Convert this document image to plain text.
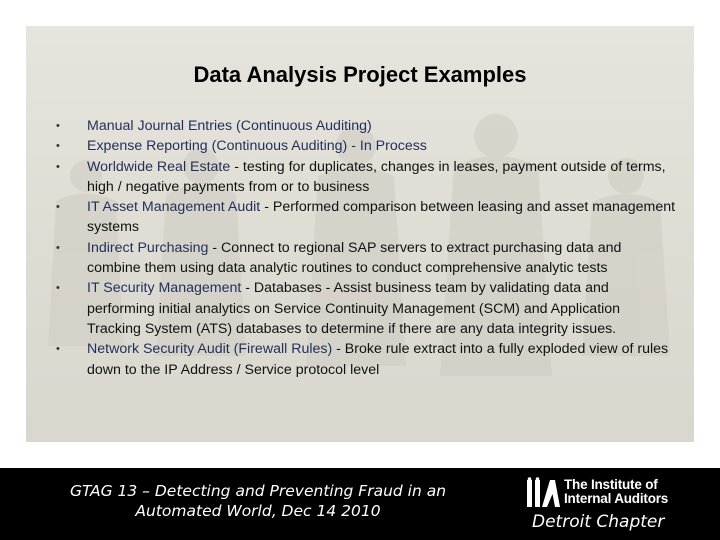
Data Analysis Project Examples
• Manual Journal Entries (Continuous Auditing)
• Expense Reporting (Continuous Auditing) - In Process
• Worldwide Real Estate - testing for duplicates, changes in leases, payment outside of terms, high / negative payments from or to business
• IT Asset Management Audit - Performed comparison between leasing and asset management systems
• Indirect Purchasing - Connect to regional SAP servers to extract purchasing data and combine them using data analytic routines to conduct comprehensive analytic tests
• IT Security Management - Databases - Assist business team by validating data and performing initial analytics on Service Continuity Management (SCM) and Application Tracking System (ATS) databases to determine if there are any data integrity issues.
• Network Security Audit (Firewall Rules) - Broke rule extract into a fully exploded view of rules down to the IP Address / Service protocol level
GTAG 13 – Detecting and Preventing Fraud in an
Automated World, Dec 14 2010
The Institute of
Internal Auditors
Detroit Chapter
